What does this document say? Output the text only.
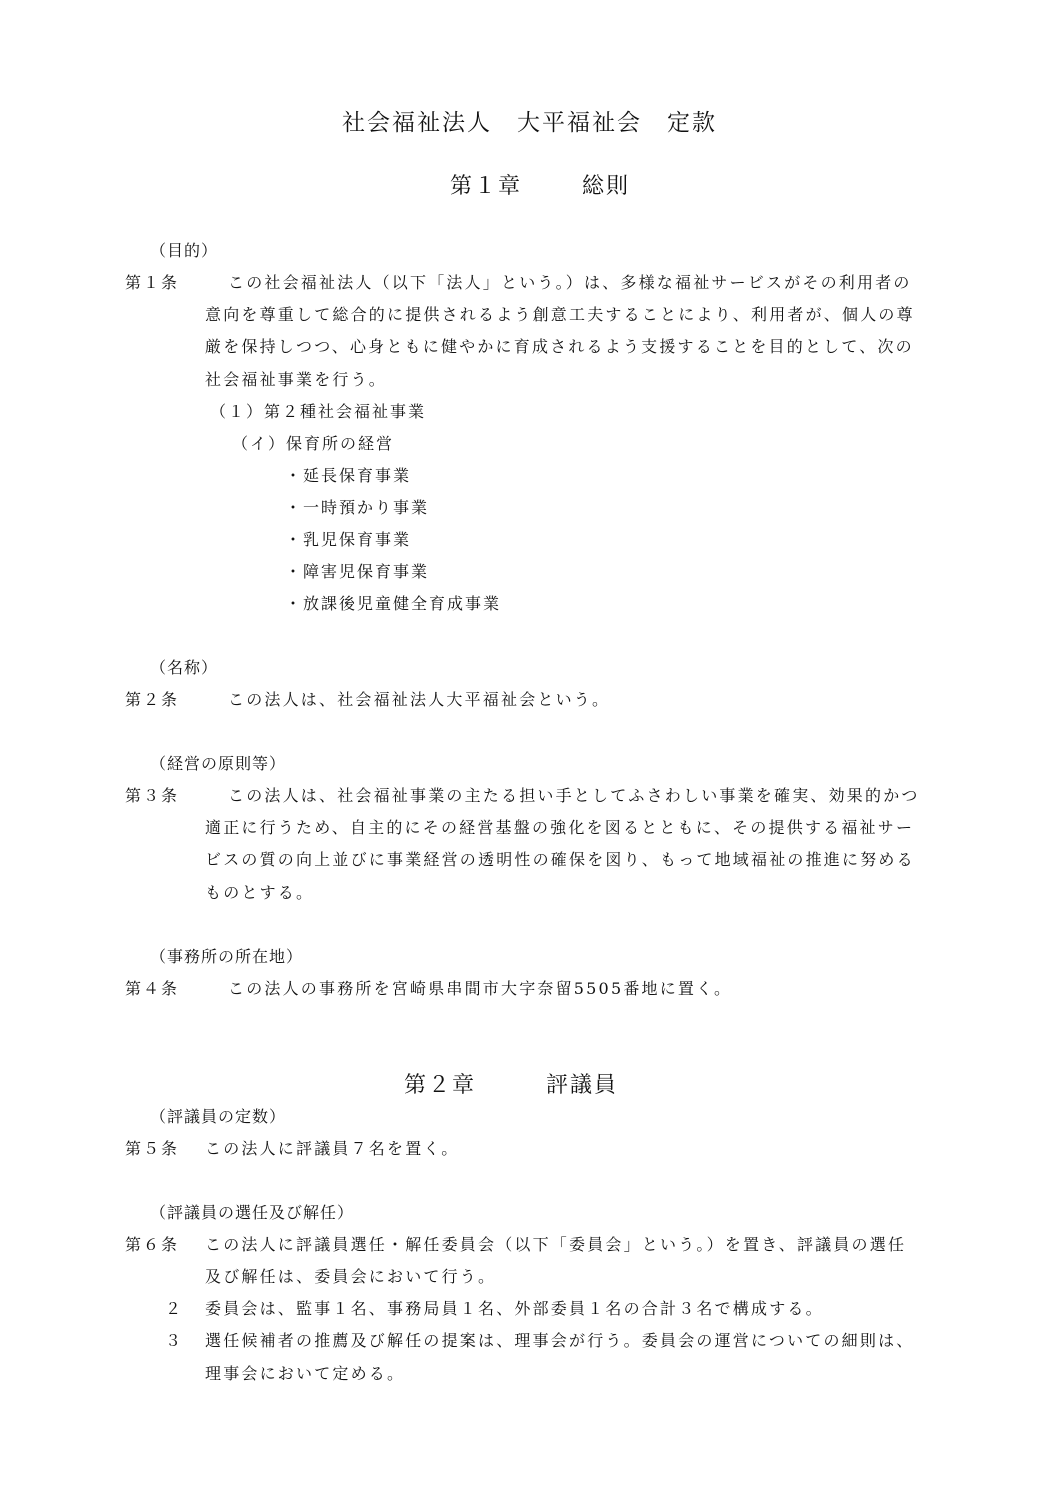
社会福祉法人　大平福祉会　定款
第１章	総則
（目的）
第１条	この社会福祉法人（以下「法人」という。）は、多様な福祉サービスがその利用者の
意向を尊重して総合的に提供されるよう創意工夫することにより、利用者が、個人の尊
厳を保持しつつ、心身ともに健やかに育成されるよう支援することを目的として、次の
社会福祉事業を行う。
（１）第２種社会福祉事業
（イ）保育所の経営
・延長保育事業
・一時預かり事業
・乳児保育事業
・障害児保育事業
・放課後児童健全育成事業
（名称）
第２条	この法人は、社会福祉法人大平福祉会という。
（経営の原則等）
第３条	この法人は、社会福祉事業の主たる担い手としてふさわしい事業を確実、効果的かつ
適正に行うため、自主的にその経営基盤の強化を図るとともに、その提供する福祉サー
ビスの質の向上並びに事業経営の透明性の確保を図り、もって地域福祉の推進に努める
ものとする。
（事務所の所在地）
第４条	この法人の事務所を宮崎県串間市大字奈留5505番地に置く。
第２章	評議員
（評議員の定数）
第５条 この法人に評議員７名を置く。
（評議員の選任及び解任）
第６条 この法人に評議員選任・解任委員会（以下「委員会」という。）を置き、評議員の選任
及び解任は、委員会において行う。
２ 委員会は、監事１名、事務局員１名、外部委員１名の合計３名で構成する。
３ 選任候補者の推薦及び解任の提案は、理事会が行う。委員会の運営についての細則は、
理事会において定める。
